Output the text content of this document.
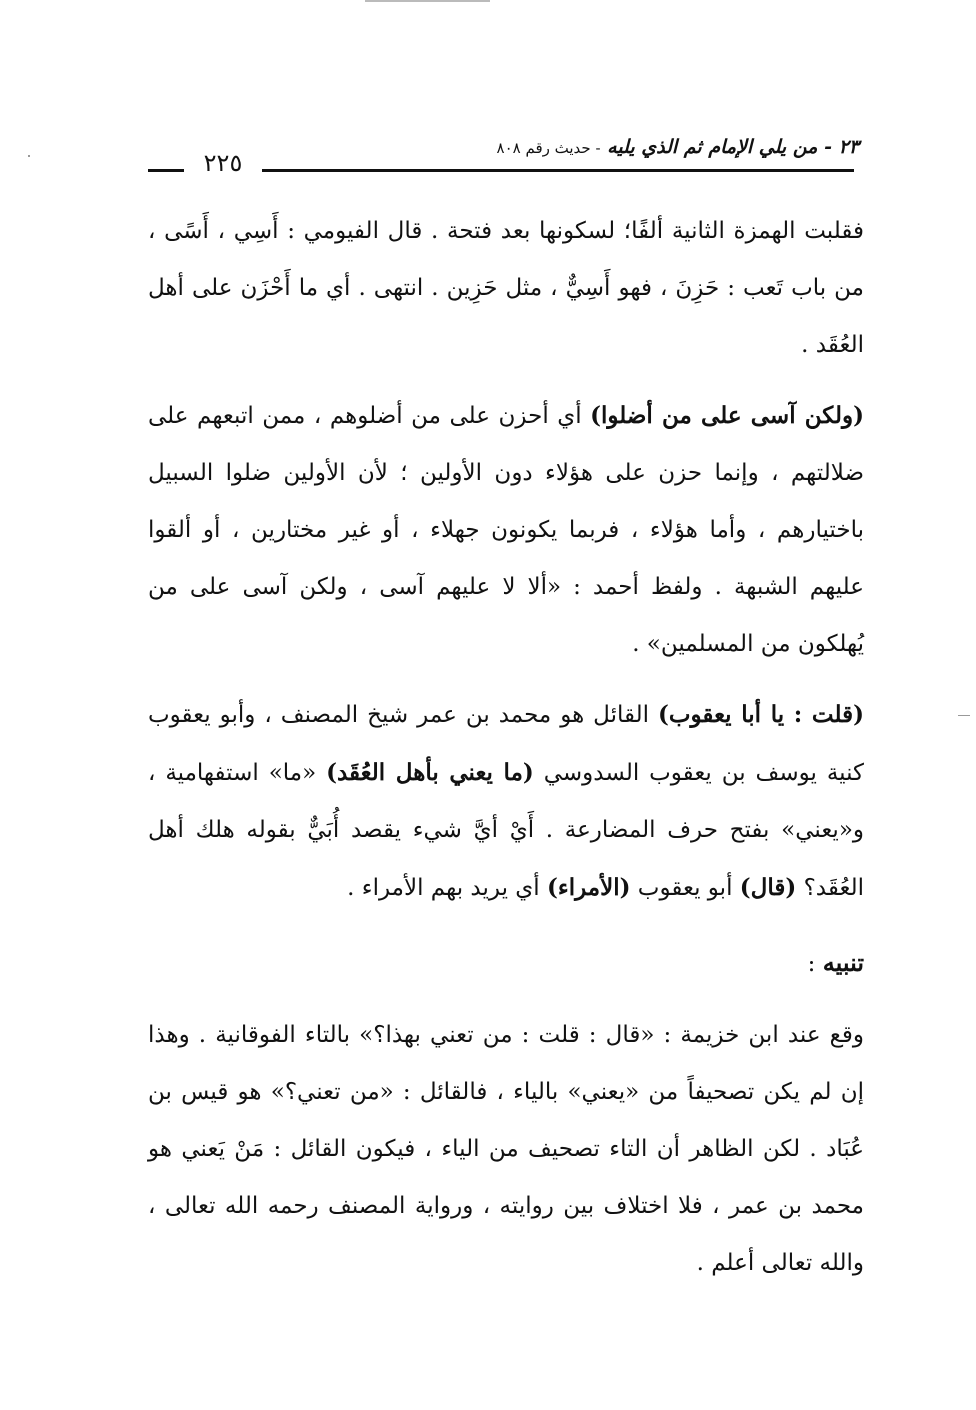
٢٣ - من يلي الإمام ثم الذي يليه - حديث رقم ٨٠٨
٢٢٥

فقلبت الهمزة الثانية ألفًا؛ لسكونها بعد فتحة . قال الفيومي : أَسِي ، أَسًى ، من باب تَعب : حَزِنَ ، فهو أَسِيٌّ ، مثل حَزِين . انتهى . أي ما أَحْزَن على أهل العُقَد .

(ولكن آسى على من أضلوا) أي أحزن على من أضلوهم ، ممن اتبعهم على ضلالتهم ، وإنما حزن على هؤلاء دون الأولين ؛ لأن الأولين ضلوا السبيل باختيارهم ، وأما هؤلاء ، فربما يكونون جهلاء ، أو غير مختارين ، أو ألقوا عليهم الشبهة . ولفظ أحمد : «ألا لا عليهم آسى ، ولكن آسى على من يُهلكون من المسلمين» .

(قلت : يا أبا يعقوب) القائل هو محمد بن عمر شيخ المصنف ، وأبو يعقوب كنية يوسف بن يعقوب السدوسي (ما يعني بأهل العُقَد) «ما» استفهامية ، و«يعني» بفتح حرف المضارعة . أَيْ أيَّ شيء يقصد أُبَيٌّ بقوله هلك أهل العُقَد؟ (قال) أبو يعقوب (الأمراء) أي يريد بهم الأمراء .

تنبيه :

وقع عند ابن خزيمة : «قال : قلت : من تعني بهذا؟» بالتاء الفوقانية . وهذا إن لم يكن تصحيفاً من «يعني» بالياء ، فالقائل : «من تعني؟» هو قيس بن عُبَاد . لكن الظاهر أن التاء تصحيف من الياء ، فيكون القائل : مَنْ يَعني هو محمد بن عمر ، فلا اختلاف بين روايته ، ورواية المصنف رحمه الله تعالى ، والله تعالى أعلم .
